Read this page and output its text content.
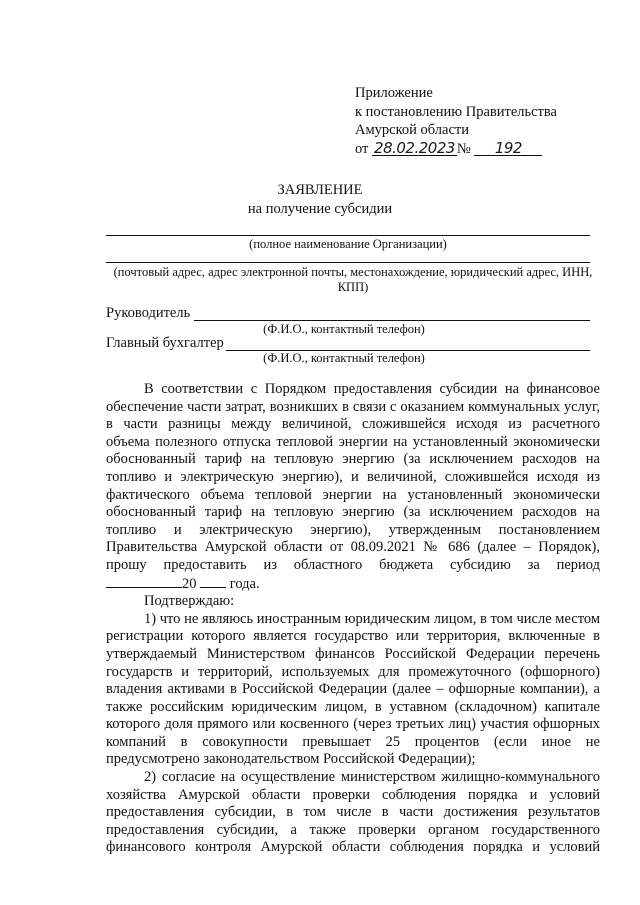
Приложение
к постановлению Правительства
Амурской области
от 28.02.2023 № 192
ЗАЯВЛЕНИЕ
на получение субсидии
(полное наименование Организации)
(почтовый адрес, адрес электронной почты, местонахождение, юридический адрес, ИНН,
КПП)
Руководитель
(Ф.И.О., контактный телефон)
Главный бухгалтер
(Ф.И.О., контактный телефон)

В соответствии с Порядком предоставления субсидии на финансовое

обеспечение части затрат, возникших в связи с оказанием коммунальных услуг,

в части разницы между величиной, сложившейся исходя из расчетного

объема полезного отпуска тепловой энергии на установленный экономически

обоснованный тариф на тепловую энергию (за исключением расходов на

топливо и электрическую энергию), и величиной, сложившейся исходя из

фактического объема тепловой энергии на установленный экономически

обоснованный тариф на тепловую энергию (за исключением расходов на

топливо и электрическую энергию), утвержденным постановлением

Правительства Амурской области от 08.09.2021 № 686 (далее – Порядок),

прошу предоставить из областного бюджета субсидию за период

20 года.

Подтверждаю:

1) что не являюсь иностранным юридическим лицом, в том числе местом

регистрации которого является государство или территория, включенные в

утверждаемый Министерством финансов Российской Федерации перечень

государств и территорий, используемых для промежуточного (офшорного)

владения активами в Российской Федерации (далее – офшорные компании), а

также российским юридическим лицом, в уставном (складочном) капитале

которого доля прямого или косвенного (через третьих лиц) участия офшорных

компаний в совокупности превышает 25 процентов (если иное не

предусмотрено законодательством Российской Федерации);

2) согласие на осуществление министерством жилищно-коммунального

хозяйства Амурской области проверки соблюдения порядка и условий

предоставления субсидии, в том числе в части достижения результатов

предоставления субсидии, а также проверки органом государственного

финансового контроля Амурской области соблюдения порядка и условий
